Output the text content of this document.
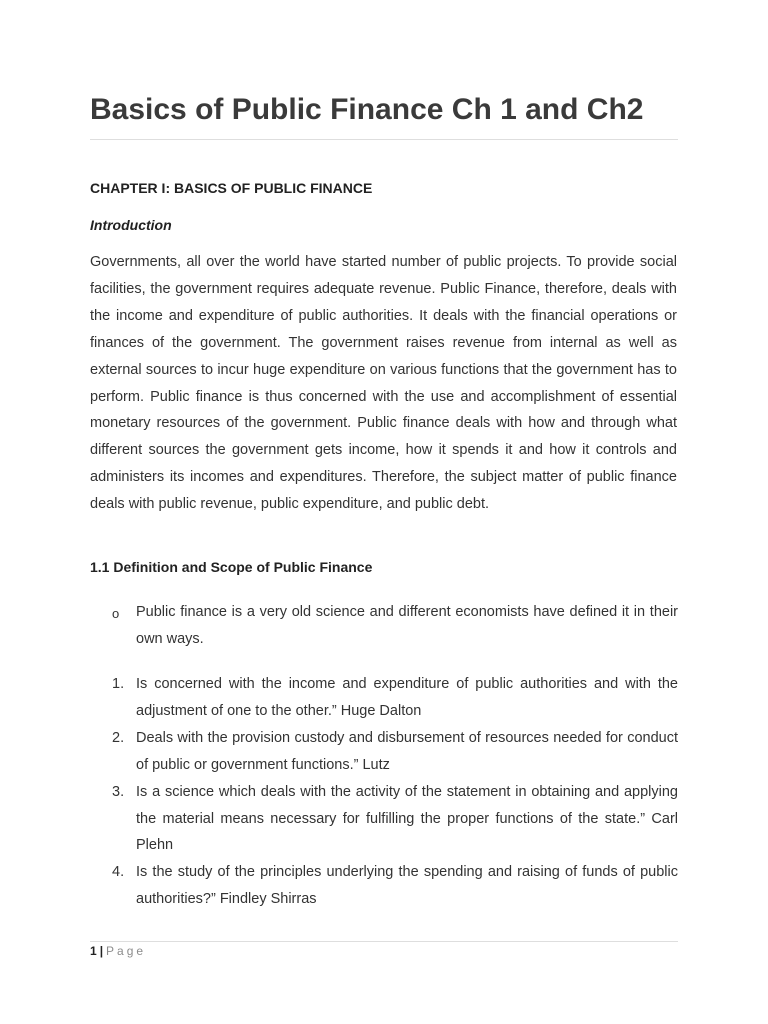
Basics of Public Finance Ch 1 and Ch2
CHAPTER I: BASICS OF PUBLIC FINANCE
Introduction

Governments, all over the world have started number of public projects. To provide social facilities, the government requires adequate revenue. Public Finance, therefore, deals with the income and expenditure of public authorities. It deals with the financial operations or finances of the government. The government raises revenue from internal as well as external sources to incur huge expenditure on various functions that the government has to perform. Public finance is thus concerned with the use and accomplishment of essential monetary resources of the government. Public finance deals with how and through what different sources the government gets income, how it spends it and how it controls and administers its incomes and expenditures. Therefore, the subject matter of public finance deals with public revenue, public expenditure, and public debt.

1.1 Definition and Scope of Public Finance
o Public finance is a very old science and different economists have defined it in their own ways.

1. Is concerned with the income and expenditure of public authorities and with the adjustment of one to the other.” Huge Dalton

2. Deals with the provision custody and disbursement of resources needed for conduct of public or government functions.” Lutz

3. Is a science which deals with the activity of the statement in obtaining and applying the material means necessary for fulfilling the proper functions of the state.” Carl Plehn

4. Is the study of the principles underlying the spending and raising of funds of public authorities?” Findley Shirras

1 | Page
